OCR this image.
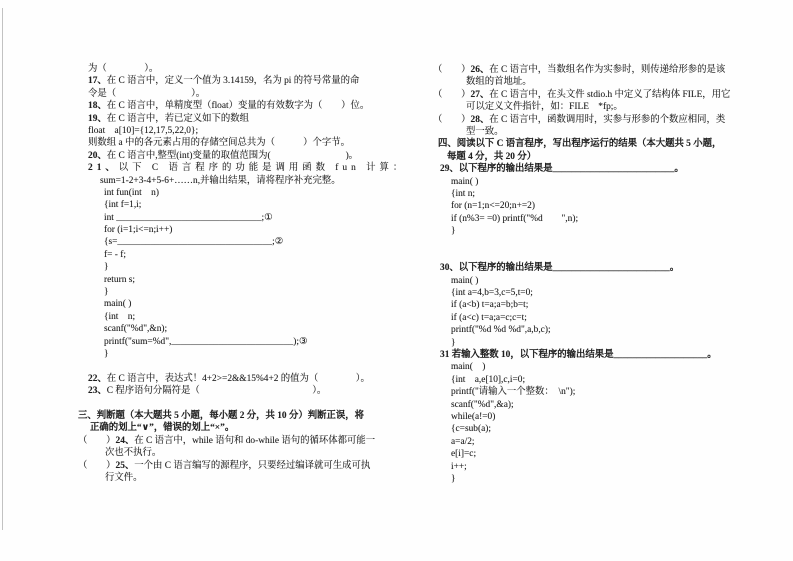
为（　　　　）。
17、在 C 语言中，定义一个值为 3.14159，名为 pi 的符号常量的命
令是（　　　　　　　　）。
18、在 C 语言中，单精度型（float）变量的有效数字为（　　）位。
19、在 C 语言中，若已定义如下的数组
float　a[10]={12,17,5,22,0};
则数组 a 中的各元素占用的存储空间总共为（　　　）个字节。
20、在 C 语言中,整型(int)变量的取值范围为(　　　　　　　　)。
21、以下 C 语言程序的功能是调用函数 fun 计算：
sum=1-2+3-4+5-6+……n,并输出结果，请将程序补充完整。
int fun(int　n)
{int f=1,i;
int _______________________________;①
for (i=1;i<=n;i++)
{s=_________________________________;②
f= - f;
}
return s;
}
main( )
{int　n;
scanf("%d",&n);
printf("sum=%d",__________________________);③
}
22、在 C 语言中，表达式！4+2>=2&&15%4+2 的值为（　　　　）。
23、C 程序语句分隔符是（　　　　　　　　　　　　）。
三、判断题（本大题共 5 小题，每小题 2 分，共 10 分）判断正误，将
正确的划上“∨”，错误的划上“×”。
（　　）24、在 C 语言中，while 语句和 do-while 语句的循环体都可能一
次也不执行。
（　　）25、一个由 C 语言编写的源程序，只要经过编译就可生成可执
行文件。
（　　）26、在 C 语言中，当数组名作为实参时，则传递给形参的是该
数组的首地址。
（　　）27、在 C 语言中，在头文件 stdio.h 中定义了结构体 FILE，用它
可以定义文件指针，如：FILE　*fp;。
（　　）28、在 C 语言中，函数调用时，实参与形参的个数应相同，类
型一致。
四、阅读以下 C 语言程序，写出程序运行的结果（本大题共 5 小题，
每题 4 分，共 20 分）
29、以下程序的输出结果是__________________________。
main( )
{int n;
for (n=1;n<=20;n+=2)
if (n%3= =0) printf("%d　　",n);
}
30、以下程序的输出结果是_________________________。
main( )
{int a=4,b=3,c=5,t=0;
if (a<b) t=a;a=b;b=t;
if (a<c) t=a;a=c;c=t;
printf("%d %d %d",a,b,c);
}
31 若输入整数 10，以下程序的输出结果是____________________。
main(　)
{int　a,e[10],c,i=0;
printf("请输入一个整数：　\n");
scanf("%d",&a);
while(a!=0)
{c=sub(a);
a=a/2;
e[i]=c;
i++;
}
